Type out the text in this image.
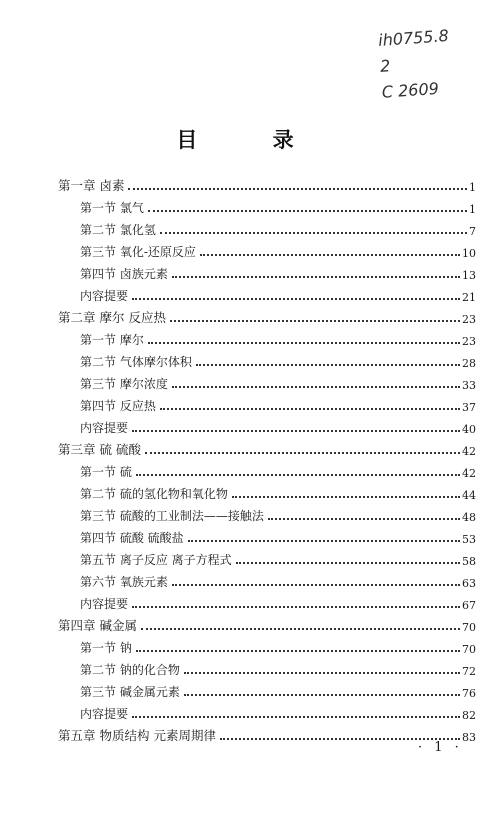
ih0755.8
2
C 2609
目 录
第一章 卤素	1
第一节 氯气	1
第二节 氯化氢	7
第三节 氧化-还原反应	10
第四节 卤族元素	13
内容提要	21
第二章 摩尔 反应热	23
第一节 摩尔	23
第二节 气体摩尔体积	28
第三节 摩尔浓度	33
第四节 反应热	37
内容提要	40
第三章 硫 硫酸	42
第一节 硫	42
第二节 硫的氢化物和氧化物	44
第三节 硫酸的工业制法——接触法	48
第四节 硫酸 硫酸盐	53
第五节 离子反应 离子方程式	58
第六节 氧族元素	63
内容提要	67
第四章 碱金属	70
第一节 钠	70
第二节 钠的化合物	72
第三节 碱金属元素	76
内容提要	82
第五章 物质结构 元素周期律	83
· 1 ·
